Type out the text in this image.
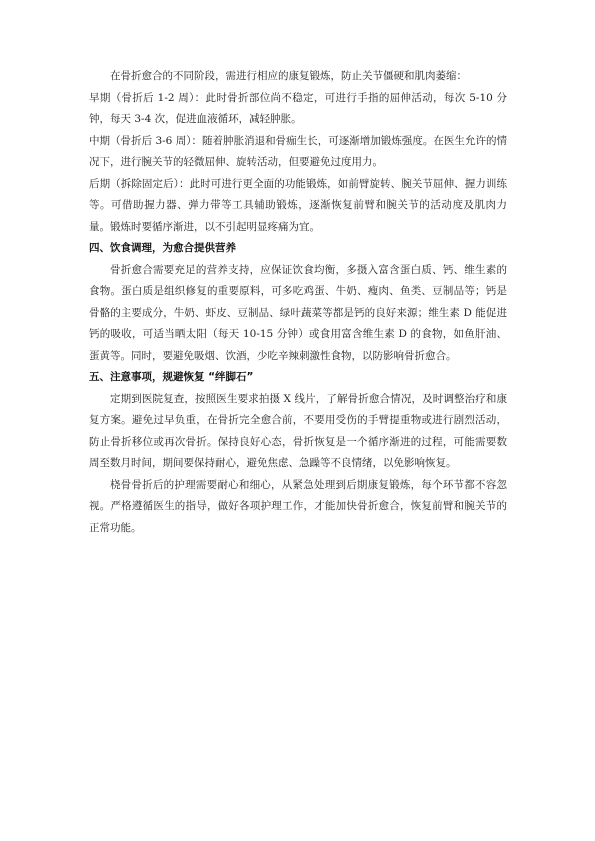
在骨折愈合的不同阶段，需进行相应的康复锻炼，防止关节僵硬和肌肉萎缩：

早期（骨折后 1-2 周）：此时骨折部位尚不稳定，可进行手指的屈伸活动，每次 5-10 分钟，每天 3-4 次，促进血液循环，减轻肿胀。

中期（骨折后 3-6 周）：随着肿胀消退和骨痂生长，可逐渐增加锻炼强度。在医生允许的情况下，进行腕关节的轻微屈伸、旋转活动，但要避免过度用力。

后期（拆除固定后）：此时可进行更全面的功能锻炼，如前臂旋转、腕关节屈伸、握力训练等。可借助握力器、弹力带等工具辅助锻炼，逐渐恢复前臂和腕关节的活动度及肌肉力量。锻炼时要循序渐进，以不引起明显疼痛为宜。

四、饮食调理，为愈合提供营养

骨折愈合需要充足的营养支持，应保证饮食均衡，多摄入富含蛋白质、钙、维生素的食物。蛋白质是组织修复的重要原料，可多吃鸡蛋、牛奶、瘦肉、鱼类、豆制品等；钙是骨骼的主要成分，牛奶、虾皮、豆制品、绿叶蔬菜等都是钙的良好来源；维生素 D 能促进钙的吸收，可适当晒太阳（每天 10-15 分钟）或食用富含维生素 D 的食物，如鱼肝油、蛋黄等。同时，要避免吸烟、饮酒，少吃辛辣刺激性食物，以防影响骨折愈合。

五、注意事项，规避恢复 “绊脚石”

定期到医院复查，按照医生要求拍摄 X 线片，了解骨折愈合情况，及时调整治疗和康复方案。避免过早负重，在骨折完全愈合前，不要用受伤的手臂提重物或进行剧烈活动，防止骨折移位或再次骨折。保持良好心态，骨折恢复是一个循序渐进的过程，可能需要数周至数月时间，期间要保持耐心，避免焦虑、急躁等不良情绪，以免影响恢复。

桡骨骨折后的护理需要耐心和细心，从紧急处理到后期康复锻炼，每个环节都不容忽视。严格遵循医生的指导，做好各项护理工作，才能加快骨折愈合，恢复前臂和腕关节的正常功能。
